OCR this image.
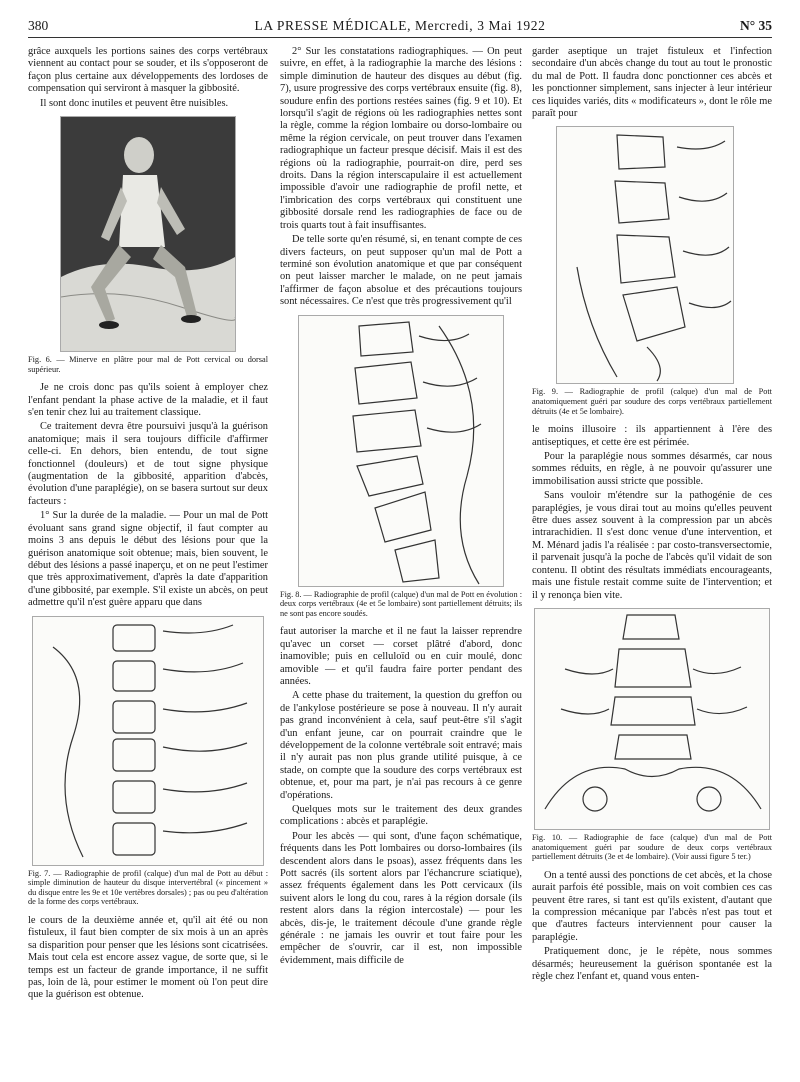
380	LA PRESSE MÉDICALE, Mercredi, 3 Mai 1922	N° 35

grâce auxquels les portions saines des corps vertébraux viennent au contact pour se souder, et ils s'opposeront de façon plus certaine aux développements des lordoses de compensation qui serviront à masquer la gibbosité.

Il sont donc inutiles et peuvent être nuisibles.

Fig. 6. — Minerve en plâtre pour mal de Pott cervical ou dorsal supérieur.

Je ne crois donc pas qu'ils soient à employer chez l'enfant pendant la phase active de la maladie, et il faut s'en tenir chez lui au traitement classique.

Ce traitement devra être poursuivi jusqu'à la guérison anatomique; mais il sera toujours difficile d'affirmer celle-ci. En dehors, bien entendu, de tout signe fonctionnel (douleurs) et de tout signe physique (augmentation de la gibbosité, apparition d'abcès, évolution d'une paraplégie), on se basera surtout sur deux facteurs :

1° Sur la durée de la maladie. — Pour un mal de Pott évoluant sans grand signe objectif, il faut compter au moins 3 ans depuis le début des lésions pour que la guérison anatomique soit obtenue; mais, bien souvent, le début des lésions a passé inaperçu, et on ne peut l'estimer que très approximativement, d'après la date d'apparition d'une gibbosité, par exemple. S'il existe un abcès, on peut admettre qu'il n'est guère apparu que dans

Fig. 7. — Radiographie de profil (calque) d'un mal de Pott au début : simple diminution de hauteur du disque intervertébral (« pincement » du disque entre les 9e et 10e vertèbres dorsales) ; pas ou peu d'altération de la forme des corps vertébraux.

le cours de la deuxième année et, qu'il ait été ou non fistuleux, il faut bien compter de six mois à un an après sa disparition pour penser que les lésions sont cicatrisées. Mais tout cela est encore assez vague, de sorte que, si le temps est un facteur de grande importance, il ne suffit pas, loin de là, pour estimer le moment où l'on peut dire que la guérison est obtenue.

2° Sur les constatations radiographiques. — On peut suivre, en effet, à la radiographie la marche des lésions : simple diminution de hauteur des disques au début (fig. 7), usure progressive des corps vertébraux ensuite (fig. 8), soudure enfin des portions restées saines (fig. 9 et 10). Et lorsqu'il s'agit de régions où les radiographies nettes sont la règle, comme la région lombaire ou dorso-lombaire ou même la région cervicale, on peut trouver dans l'examen radiographique un facteur presque décisif. Mais il est des régions où la radiographie, pourrait-on dire, perd ses droits. Dans la région interscapulaire il est actuellement impossible d'avoir une radiographie de profil nette, et l'imbrication des corps vertébraux qui constituent une gibbosité dorsale rend les radiographies de face ou de trois quarts tout à fait insuffisantes.

De telle sorte qu'en résumé, si, en tenant compte de ces divers facteurs, on peut supposer qu'un mal de Pott a terminé son évolution anatomique et que par conséquent on peut laisser marcher le malade, on ne peut jamais l'affirmer de façon absolue et des précautions toujours sont nécessaires. Ce n'est que très progressivement qu'il

Fig. 8. — Radiographie de profil (calque) d'un mal de Pott en évolution : deux corps vertébraux (4e et 5e lombaire) sont partiellement détruits; ils ne sont pas encore soudés.

faut autoriser la marche et il ne faut la laisser reprendre qu'avec un corset — corset plâtré d'abord, donc inamovible; puis en celluloïd ou en cuir moulé, donc amovible — et qu'il faudra faire porter pendant des années.

A cette phase du traitement, la question du greffon ou de l'ankylose postérieure se pose à nouveau. Il n'y aurait pas grand inconvénient à cela, sauf peut-être s'il s'agit d'un enfant jeune, car on pourrait craindre que le développement de la colonne vertébrale soit entravé; mais il n'y aurait pas non plus grande utilité puisque, à ce stade, on compte que la soudure des corps vertébraux est obtenue, et, pour ma part, je n'ai pas recours à ce genre d'opérations.

Quelques mots sur le traitement des deux grandes complications : abcès et paraplégie.

Pour les abcès — qui sont, d'une façon schématique, fréquents dans les Pott lombaires ou dorso-lombaires (ils descendent alors dans le psoas), assez fréquents dans les Pott sacrés (ils sortent alors par l'échancrure sciatique), assez fréquents également dans les Pott cervicaux (ils suivent alors le long du cou, rares à la région dorsale (ils restent alors dans la région intercostale) — pour les abcès, dis-je, le traitement découle d'une grande règle générale : ne jamais les ouvrir et tout faire pour les empêcher de s'ouvrir, car il est, non impossible évidemment, mais difficile de

garder aseptique un trajet fistuleux et l'infection secondaire d'un abcès change du tout au tout le pronostic du mal de Pott. Il faudra donc ponctionner ces abcès et les ponctionner simplement, sans injecter à leur intérieur ces liquides variés, dits « modificateurs », dont le rôle me paraît pour

Fig. 9. — Radiographie de profil (calque) d'un mal de Pott anatomiquement guéri par soudure des corps vertébraux partiellement détruits (4e et 5e lombaire).

le moins illusoire : ils appartiennent à l'ère des antiseptiques, et cette ère est périmée.

Pour la paraplégie nous sommes désarmés, car nous sommes réduits, en règle, à ne pouvoir qu'assurer une immobilisation aussi stricte que possible.

Sans vouloir m'étendre sur la pathogénie de ces paraplégies, je vous dirai tout au moins qu'elles peuvent être dues assez souvent à la compression par un abcès intrarachidien. Il s'est donc venue d'une intervention, et M. Ménard jadis l'a réalisée : par costo-transversectomie, il parvenait jusqu'à la poche de l'abcès qu'il vidait de son contenu. Il obtint des résultats immédiats encourageants, mais une fistule restait comme suite de l'intervention; et il y renonça bien vite.

Fig. 10. — Radiographie de face (calque) d'un mal de Pott anatomiquement guéri par soudure de deux corps vertébraux partiellement détruits (3e et 4e lombaire). (Voir aussi figure 5 ter.)

On a tenté aussi des ponctions de cet abcès, et la chose aurait parfois été possible, mais on voit combien ces cas peuvent être rares, si tant est qu'ils existent, d'autant que la compression mécanique par l'abcès n'est pas tout et que d'autres facteurs interviennent pour causer la paraplégie.

Pratiquement donc, je le répète, nous sommes désarmés; heureusement la guérison spontanée est la règle chez l'enfant et, quand vous enten-
